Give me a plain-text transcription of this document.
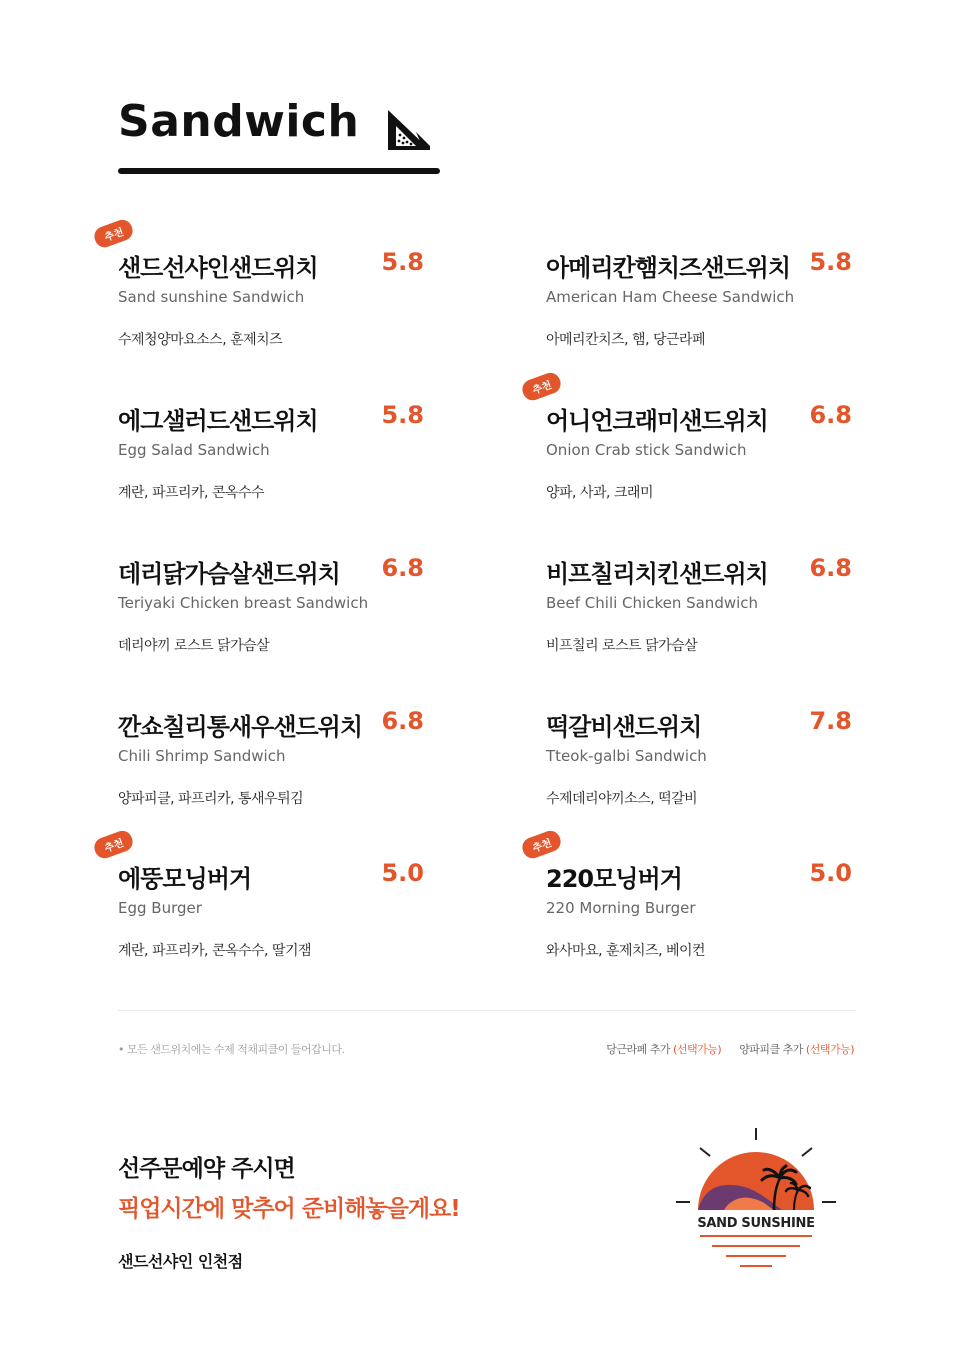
Sandwich
추천
샌드선샤인샌드위치	5.8
Sand sunshine Sandwich
수제청양마요소스, 훈제치즈
아메리칸햄치즈샌드위치 5.8
American Ham Cheese Sandwich
아메리칸치즈, 햄, 당근라페
에그샐러드샌드위치	5.8
Egg Salad Sandwich
계란, 파프리카, 콘옥수수
추천
어니언크래미샌드위치 6.8
Onion Crab stick Sandwich
양파, 사과, 크래미
데리닭가슴살샌드위치 6.8
Teriyaki Chicken breast Sandwich
데리야끼 로스트 닭가슴살
비프칠리치킨샌드위치 6.8
Beef Chili Chicken Sandwich
비프칠리 로스트 닭가슴살
깐쇼칠리통새우샌드위치 6.8
Chili Shrimp Sandwich
양파피클, 파프리카, 통새우튀김
떡갈비샌드위치	7.8
Tteok-galbi Sandwich
수제데리야끼소스, 떡갈비
추천
에뚱모닝버거	5.0
Egg Burger
계란, 파프리카, 콘옥수수, 딸기잼
추천
220모닝버거	5.0
220 Morning Burger
와사마요, 훈제치즈, 베이컨
• 모든 샌드위치에는 수제 적채피클이 들어갑니다.	당근라페 추가 (선택가능) 양파피클 추가 (선택가능)
선주문예약 주시면
픽업시간에 맞추어 준비해놓을게요!
샌드선샤인 인천점
SAND SUNSHINE
